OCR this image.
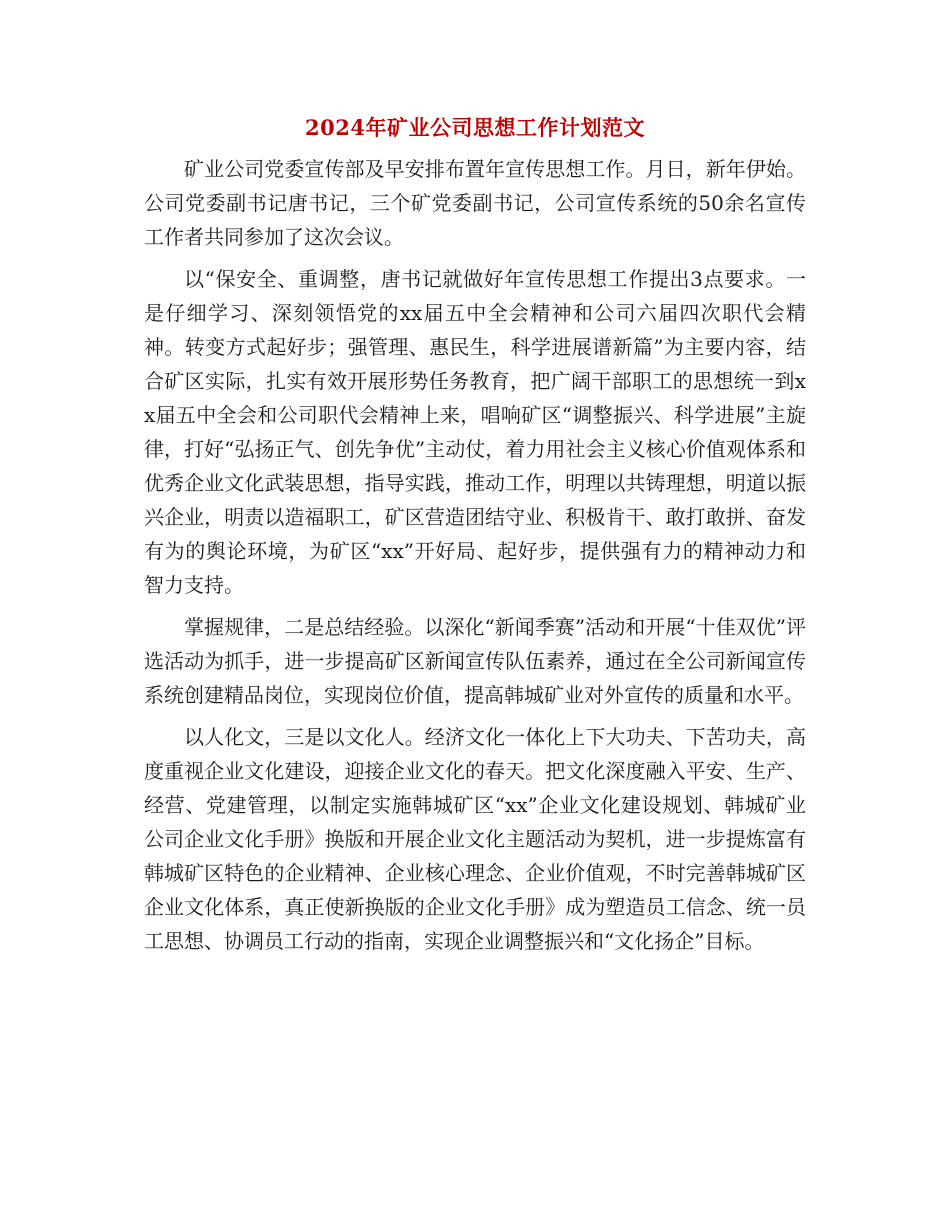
2024年矿业公司思想工作计划范文

矿业公司党委宣传部及早安排布置年宣传思想工作。月日，新年伊始。公司党委副书记唐书记，三个矿党委副书记，公司宣传系统的50余名宣传工作者共同参加了这次会议。

以“保安全、重调整，唐书记就做好年宣传思想工作提出3点要求。一是仔细学习、深刻领悟党的xx届五中全会精神和公司六届四次职代会精神。转变方式起好步；强管理、惠民生，科学进展谱新篇”为主要内容，结合矿区实际，扎实有效开展形势任务教育，把广阔干部职工的思想统一到xx届五中全会和公司职代会精神上来，唱响矿区“调整振兴、科学进展”主旋律，打好“弘扬正气、创先争优”主动仗，着力用社会主义核心价值观体系和优秀企业文化武装思想，指导实践，推动工作，明理以共铸理想，明道以振兴企业，明责以造福职工，矿区营造团结守业、积极肯干、敢打敢拼、奋发有为的舆论环境，为矿区“xx”开好局、起好步，提供强有力的精神动力和智力支持。

掌握规律，二是总结经验。以深化“新闻季赛”活动和开展“十佳双优”评选活动为抓手，进一步提高矿区新闻宣传队伍素养，通过在全公司新闻宣传系统创建精品岗位，实现岗位价值，提高韩城矿业对外宣传的质量和水平。

以人化文，三是以文化人。经济文化一体化上下大功夫、下苦功夫，高度重视企业文化建设，迎接企业文化的春天。把文化深度融入平安、生产、经营、党建管理，以制定实施韩城矿区“xx”企业文化建设规划、韩城矿业公司企业文化手册》换版和开展企业文化主题活动为契机，进一步提炼富有韩城矿区特色的企业精神、企业核心理念、企业价值观，不时完善韩城矿区企业文化体系，真正使新换版的企业文化手册》成为塑造员工信念、统一员工思想、协调员工行动的指南，实现企业调整振兴和“文化扬企”目标。
